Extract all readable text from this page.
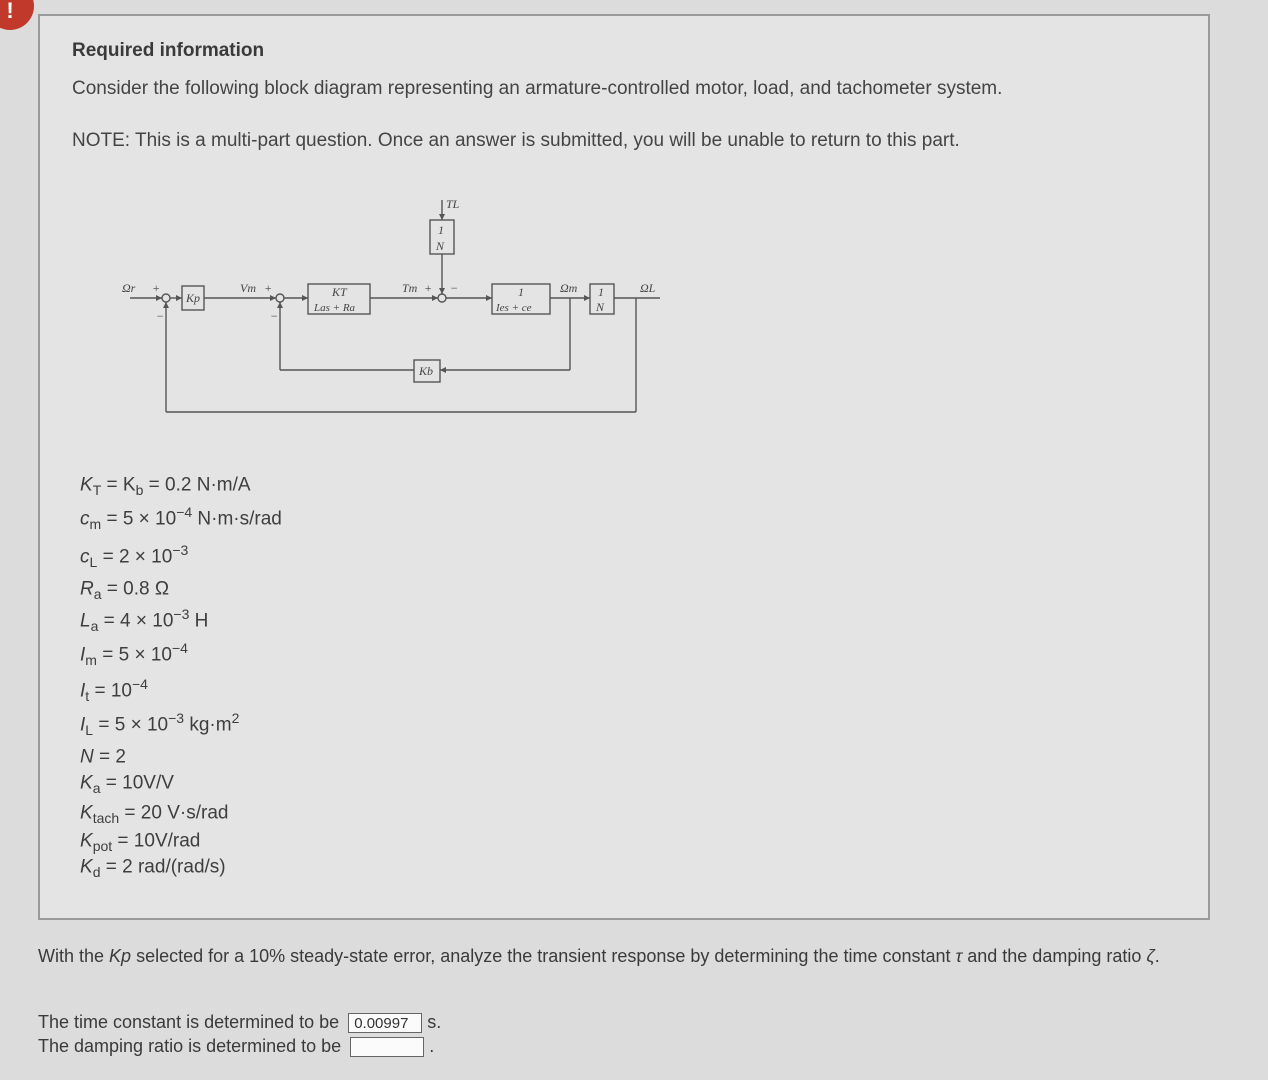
!
Required information
Consider the following block diagram representing an armature-controlled motor, load, and tachometer system.
NOTE: This is a multi-part question. Once an answer is submitted, you will be unable to return to this part.
Ωr +
−
Kp
Vm +
−
KT
Las + Ra
Tm + −
TL
1
N
1
Ies + ce
Ωm 1
N
ΩL
Kb
$K_T = K_b = 0.2$ N·m/A
$c_m = 5 \times 10^{-4}$ N·m·s/rad
$c_L = 2 \times 10^{-3}$
$R_a = 0.8$ Ω
$L_a = 4 \times 10^{-3}$ H
$I_m = 5 \times 10^{-4}$
$I_t = 10^{-4}$
$I_L = 5 \times 10^{-3}$ $kg\cdot m^2$
N = 2
$K_a = 10V/V$
$K_{tach} = 20$ V·s/rad
$K_{pot} = 10V/rad$
$K_d = 2$ rad/(rad/s)
With the Kp selected for a 10% steady-state error, analyze the transient response by determining the time constant τ and the damping ratio ζ.
The time constant is determined to be 0.00997 s.
The damping ratio is determined to be	.
